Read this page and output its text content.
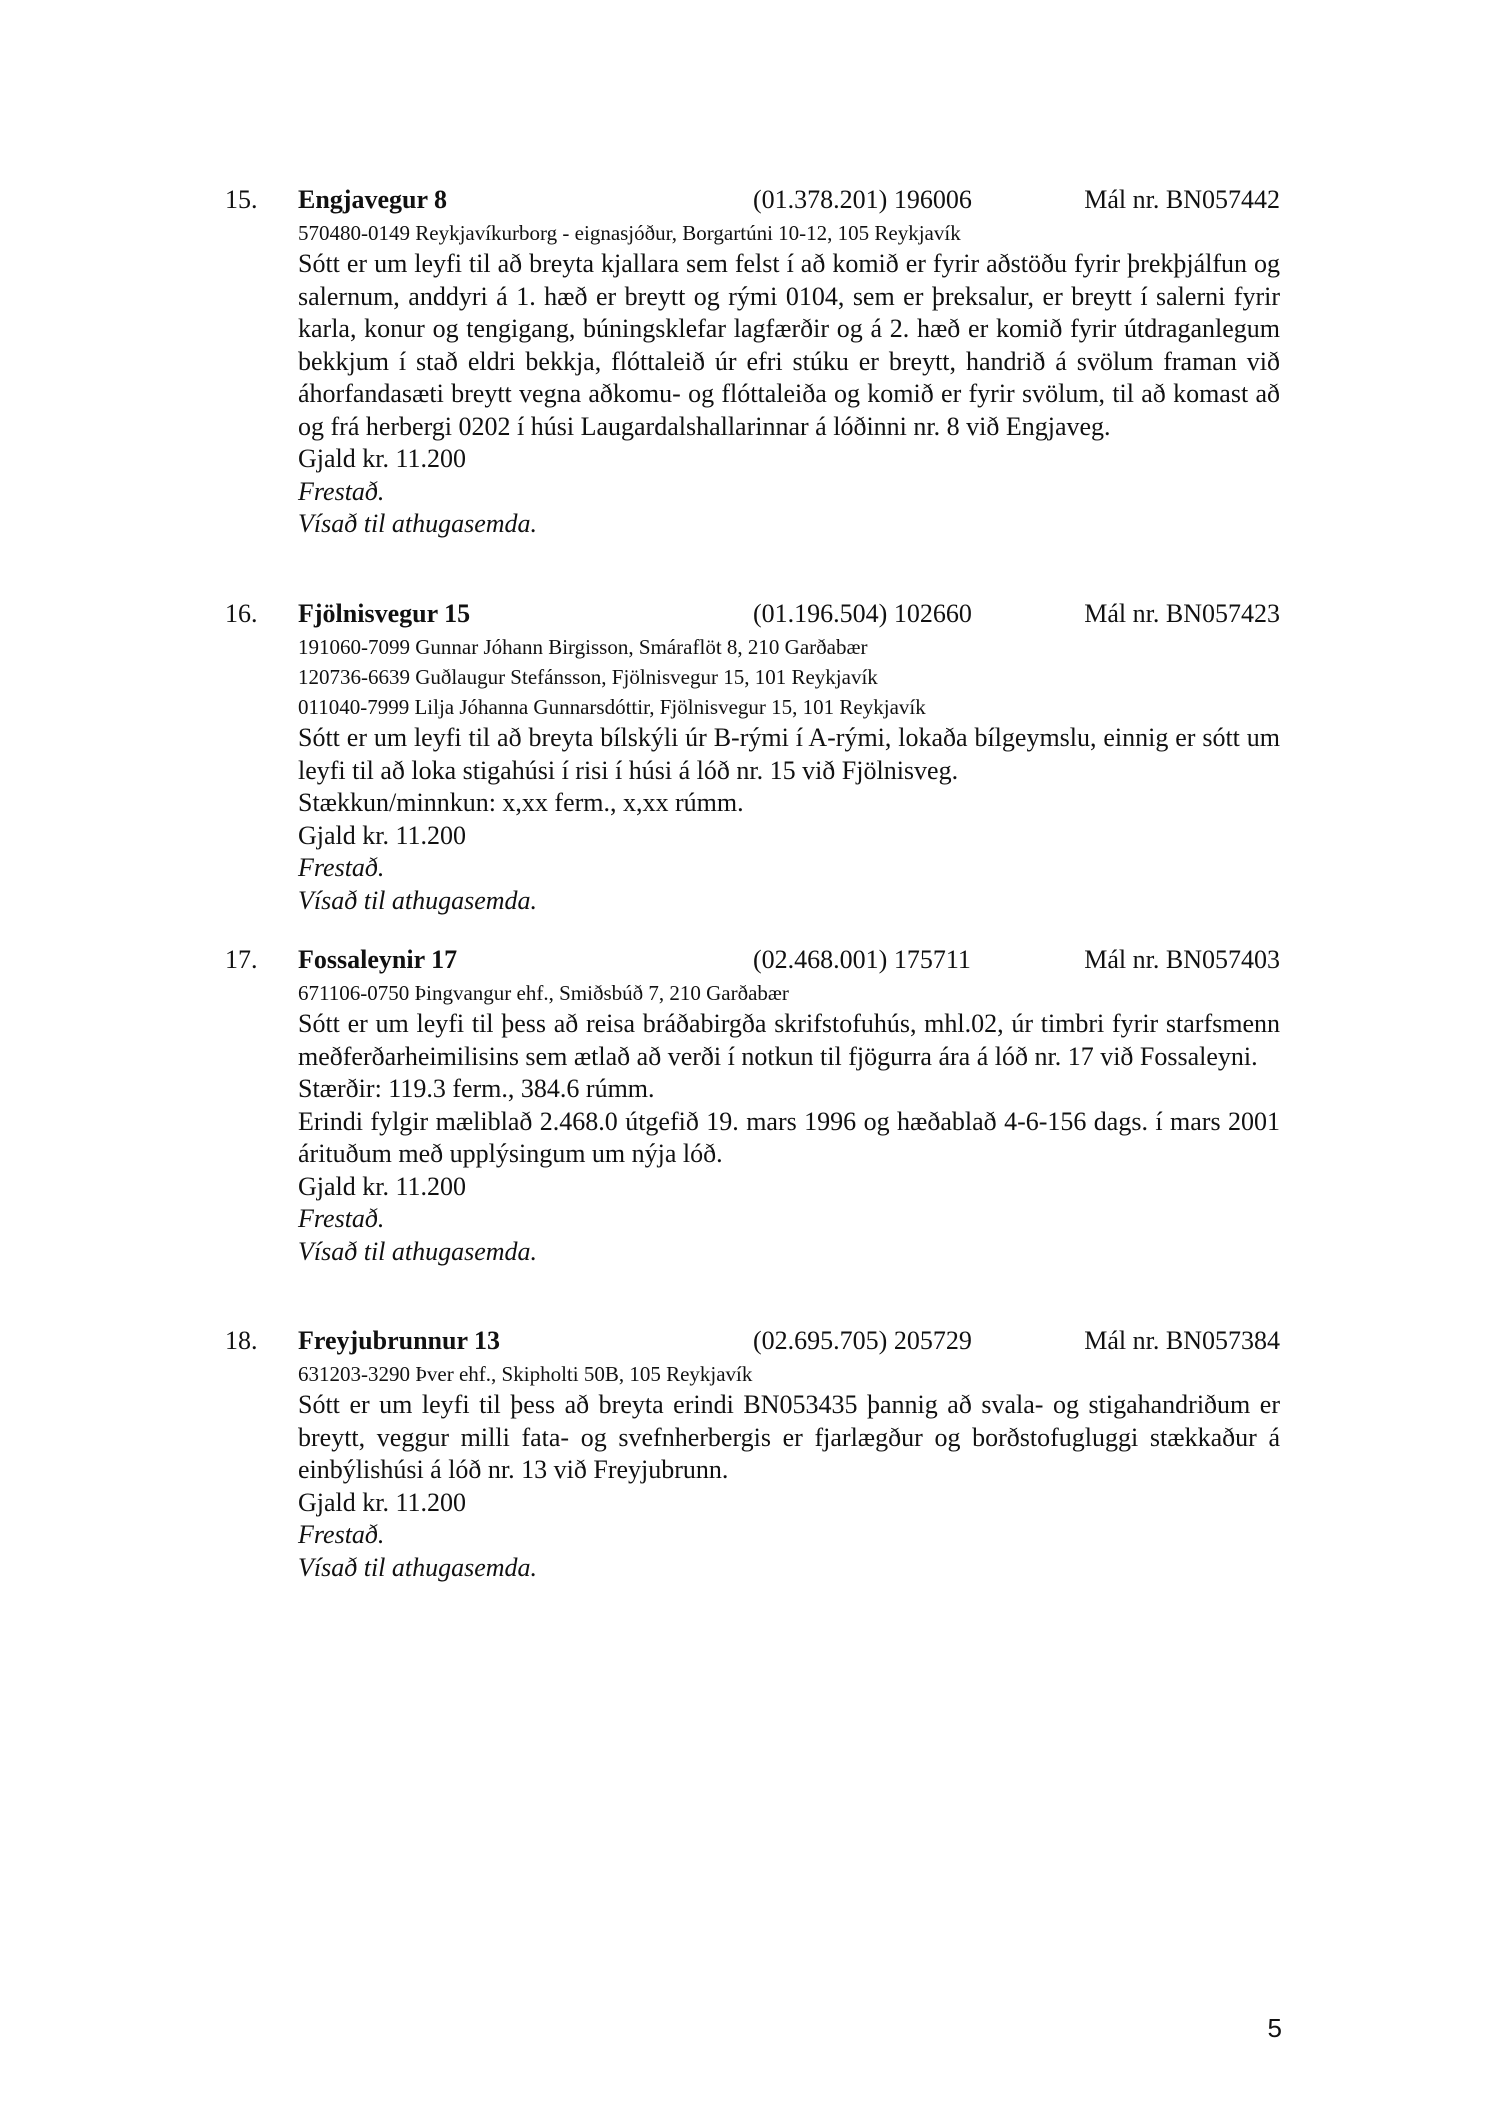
15. Engjavegur 8	(01.378.201) 196006	Mál nr. BN057442
570480-0149 Reykjavíkurborg - eignasjóður, Borgartúni 10-12, 105 Reykjavík
Sótt er um leyfi til að breyta kjallara sem felst í að komið er fyrir aðstöðu fyrir þrekþjálfun og salernum, anddyri á 1. hæð er breytt og rými 0104, sem er þreksalur, er breytt í salerni fyrir karla, konur og tengigang, búningsklefar lagfærðir og á 2. hæð er komið fyrir útdraganlegum bekkjum í stað eldri bekkja, flóttaleið úr efri stúku er breytt, handrið á svölum framan við áhorfandasæti breytt vegna aðkomu- og flóttaleiða og komið er fyrir svölum, til að komast að og frá herbergi 0202 í húsi Laugardalshallarinnar á lóðinni nr. 8 við Engjaveg.
Gjald kr. 11.200
Frestað.
Vísað til athugasemda.
16. Fjölnisvegur 15	(01.196.504) 102660	Mál nr. BN057423
191060-7099 Gunnar Jóhann Birgisson, Smáraflöt 8, 210 Garðabær
120736-6639 Guðlaugur Stefánsson, Fjölnisvegur 15, 101 Reykjavík
011040-7999 Lilja Jóhanna Gunnarsdóttir, Fjölnisvegur 15, 101 Reykjavík
Sótt er um leyfi til að breyta bílskýli úr B-rými í A-rými, lokaða bílgeymslu, einnig er sótt um leyfi til að loka stigahúsi í risi í húsi á lóð nr. 15 við Fjölnisveg.
Stækkun/minnkun: x,xx ferm., x,xx rúmm.
Gjald kr. 11.200
Frestað.
Vísað til athugasemda.
17. Fossaleynir 17	(02.468.001) 175711	Mál nr. BN057403
671106-0750 Þingvangur ehf., Smiðsbúð 7, 210 Garðabær
Sótt er um leyfi til þess að reisa bráðabirgða skrifstofuhús, mhl.02, úr timbri fyrir starfsmenn meðferðarheimilisins sem ætlað að verði í notkun til fjögurra ára á lóð nr. 17 við Fossaleyni.
Stærðir: 119.3 ferm., 384.6 rúmm.
Erindi fylgir mæliblað 2.468.0 útgefið 19. mars 1996 og hæðablað 4-6-156 dags. í mars 2001 árituðum með upplýsingum um nýja lóð.
Gjald kr. 11.200
Frestað.
Vísað til athugasemda.
18. Freyjubrunnur 13	(02.695.705) 205729	Mál nr. BN057384
631203-3290 Þver ehf., Skipholti 50B, 105 Reykjavík
Sótt er um leyfi til þess að breyta erindi BN053435 þannig að svala- og stigahandriðum er breytt, veggur milli fata- og svefnherbergis er fjarlægður og borðstofugluggi stækkaður á einbýlishúsi á lóð nr. 13 við Freyjubrunn.
Gjald kr. 11.200
Frestað.
Vísað til athugasemda.
5
